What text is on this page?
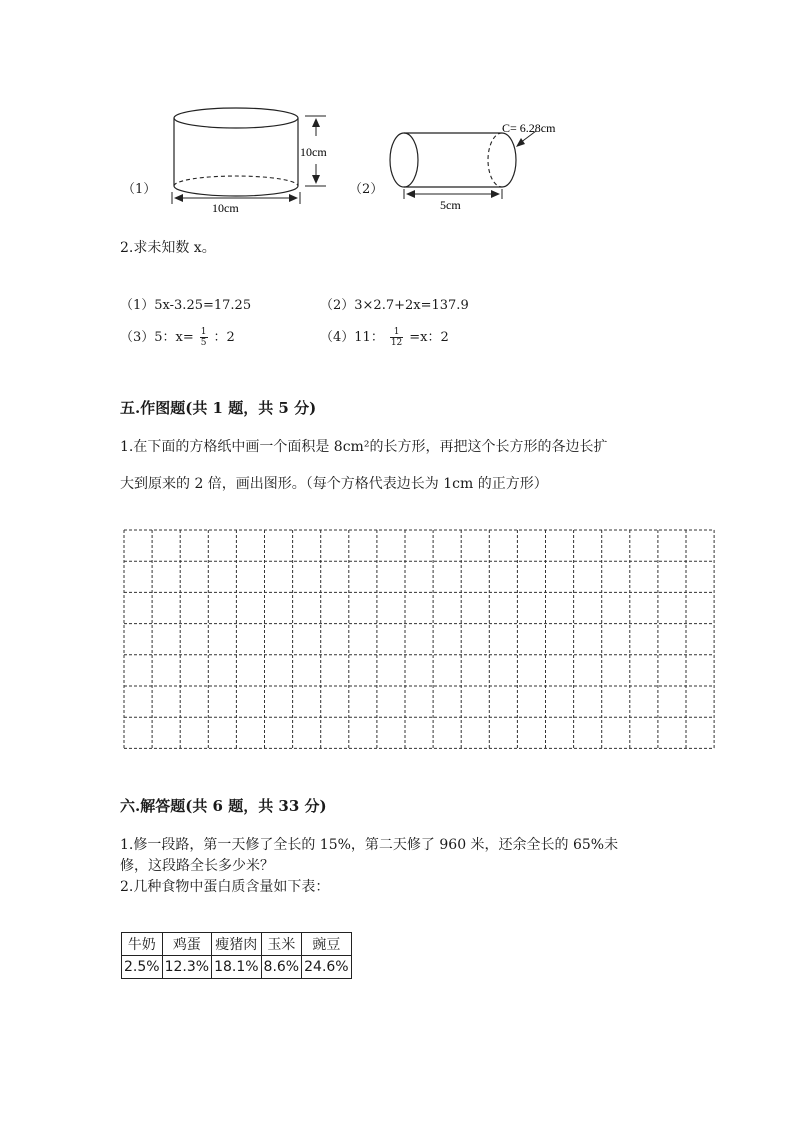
（1）
10cm
10cm
（2）
C= 6.28cm
5cm
2.求未知数 x。
（1）5x-3.25=17.25	（2）3×2.7+2x=137.9
（3）5：$x= \frac{1}{5}$ ：2	（4）11： $\frac{1}{12} =x$：2
五.作图题(共 1 题，共 5 分)
1.在下面的方格纸中画一个面积是 8cm²的长方形，再把这个长方形的各边长扩
大到原来的 2 倍，画出图形。（每个方格代表边长为 1cm 的正方形）
六.解答题(共 6 题，共 33 分)
1.修一段路，第一天修了全长的 15%，第二天修了 960 米，还余全长的 65%未
修，这段路全长多少米？
2.几种食物中蛋白质含量如下表：
牛奶	鸡蛋	瘦猪肉	玉米	豌豆
2.5%	12.3%	18.1%	8.6%	24.6%
